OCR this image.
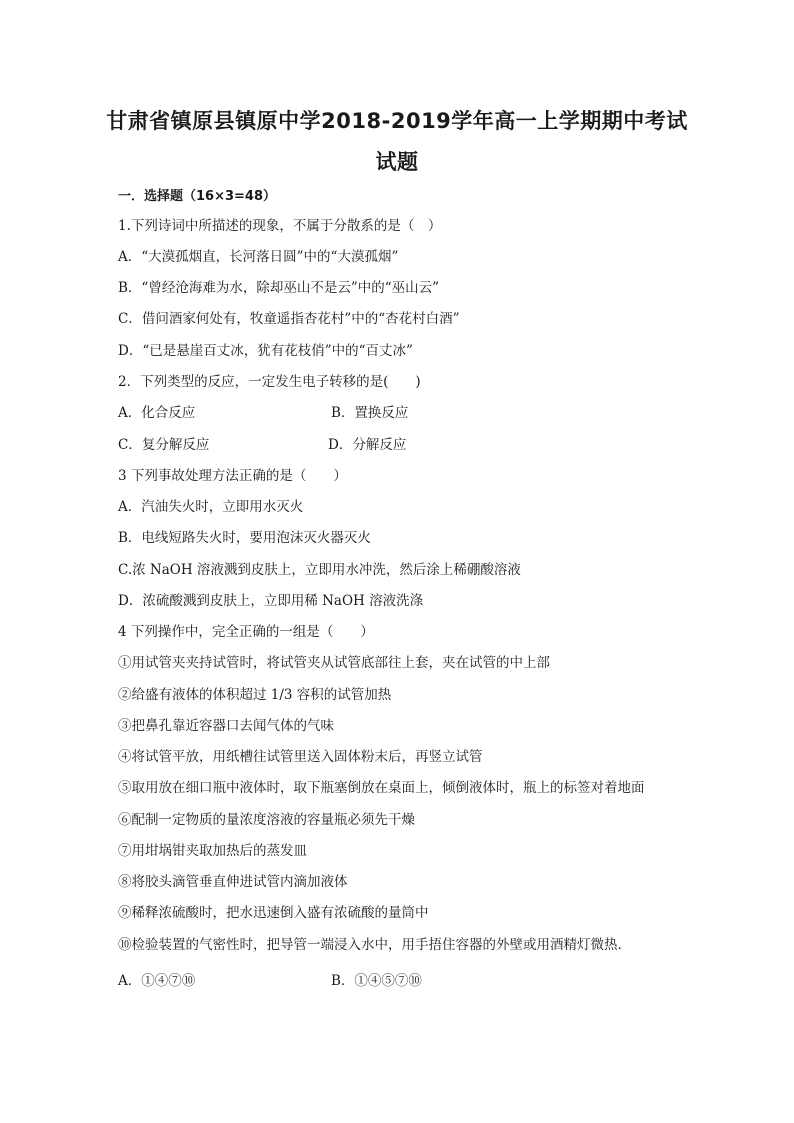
甘肃省镇原县镇原中学2018-2019学年高一上学期期中考试
试题
一．选择题（16×3=48）
1.下列诗词中所描述的现象，不属于分散系的是（　）
A．“大漠孤烟直，长河落日圆”中的“大漠孤烟”
B．“曾经沧海难为水，除却巫山不是云”中的“巫山云”
C．借问酒家何处有，牧童遥指杏花村”中的“杏花村白酒”
D．“已是悬崖百丈冰，犹有花枝俏”中的“百丈冰”
2．下列类型的反应，一定发生电子转移的是(　　)
A．化合反应	B．置换反应
C．复分解反应	D．分解反应
3 下列事故处理方法正确的是（　　）
A．汽油失火时，立即用水灭火
B．电线短路失火时，要用泡沫灭火器灭火
C.浓 NaOH 溶液溅到皮肤上，立即用水冲洗，然后涂上稀硼酸溶液
D．浓硫酸溅到皮肤上，立即用稀 NaOH 溶液洗涤
4 下列操作中，完全正确的一组是（　　）
①用试管夹夹持试管时，将试管夹从试管底部往上套，夹在试管的中上部
②给盛有液体的体积超过 1/3 容积的试管加热
③把鼻孔靠近容器口去闻气体的气味
④将试管平放，用纸槽往试管里送入固体粉末后，再竖立试管
⑤取用放在细口瓶中液体时，取下瓶塞倒放在桌面上，倾倒液体时，瓶上的标签对着地面
⑥配制一定物质的量浓度溶液的容量瓶必须先干燥
⑦用坩埚钳夹取加热后的蒸发皿
⑧将胶头滴管垂直伸进试管内滴加液体
⑨稀释浓硫酸时，把水迅速倒入盛有浓硫酸的量筒中
⑩检验装置的气密性时，把导管一端浸入水中，用手捂住容器的外壁或用酒精灯微热.
A．①④⑦⑩	B．①④⑤⑦⑩
